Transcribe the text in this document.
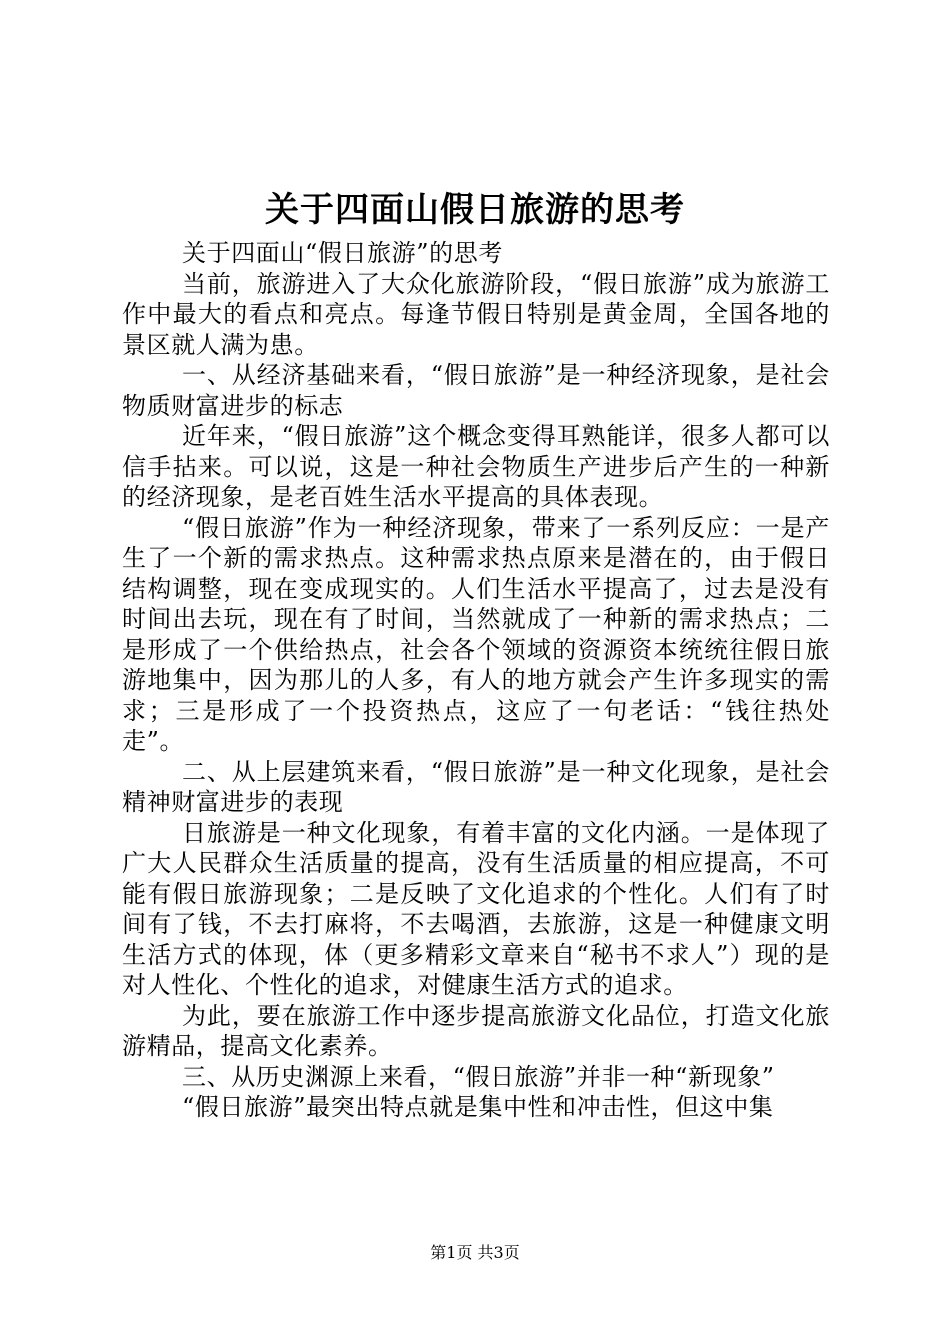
关于四面山假日旅游的思考

关于四面山“假日旅游”的思考

当前，旅游进入了大众化旅游阶段，“假日旅游”成为旅游工作中最大的看点和亮点。每逢节假日特别是黄金周，全国各地的景区就人满为患。

一、从经济基础来看，“假日旅游”是一种经济现象，是社会物质财富进步的标志

近年来，“假日旅游”这个概念变得耳熟能详，很多人都可以信手拈来。可以说，这是一种社会物质生产进步后产生的一种新的经济现象，是老百姓生活水平提高的具体表现。

“假日旅游”作为一种经济现象，带来了一系列反应：一是产生了一个新的需求热点。这种需求热点原来是潜在的，由于假日结构调整，现在变成现实的。人们生活水平提高了，过去是没有时间出去玩，现在有了时间，当然就成了一种新的需求热点；二是形成了一个供给热点，社会各个领域的资源资本统统往假日旅游地集中，因为那儿的人多，有人的地方就会产生许多现实的需求；三是形成了一个投资热点，这应了一句老话：“钱往热处走”。

二、从上层建筑来看，“假日旅游”是一种文化现象，是社会精神财富进步的表现

日旅游是一种文化现象，有着丰富的文化内涵。一是体现了广大人民群众生活质量的提高，没有生活质量的相应提高，不可能有假日旅游现象；二是反映了文化追求的个性化。人们有了时间有了钱，不去打麻将，不去喝酒，去旅游，这是一种健康文明生活方式的体现，体（更多精彩文章来自“秘书不求人”）现的是对人性化、个性化的追求，对健康生活方式的追求。

为此，要在旅游工作中逐步提高旅游文化品位，打造文化旅游精品，提高文化素养。

三、从历史渊源上来看，“假日旅游”并非一种“新现象”

“假日旅游”最突出特点就是集中性和冲击性，但这中集

第1页 共3页
